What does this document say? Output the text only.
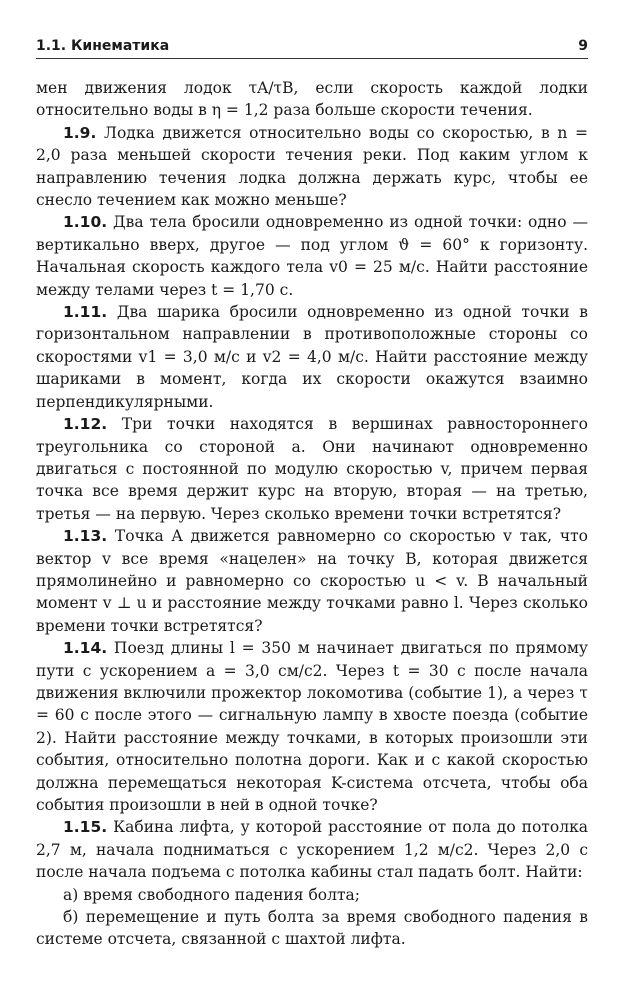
1.1. Кинематика	9

мен движения лодок τA/τB, если скорость каждой лодки относительно воды в η = 1,2 раза больше скорости течения.

1.9. Лодка движется относительно воды со скоростью, в n = 2,0 раза меньшей скорости течения реки. Под каким углом к направлению течения лодка должна держать курс, чтобы ее снесло течением как можно меньше?

1.10. Два тела бросили одновременно из одной точки: одно — вертикально вверх, другое — под углом ϑ = 60° к горизонту. Начальная скорость каждого тела v0 = 25 м/с. Найти расстояние между телами через t = 1,70 с.

1.11. Два шарика бросили одновременно из одной точки в горизонтальном направлении в противоположные стороны со скоростями v1 = 3,0 м/с и v2 = 4,0 м/с. Найти расстояние между шариками в момент, когда их скорости окажутся взаимно перпендикулярными.

1.12. Три точки находятся в вершинах равностороннего треугольника со стороной a. Они начинают одновременно двигаться с постоянной по модулю скоростью v, причем первая точка все время держит курс на вторую, вторая — на третью, третья — на первую. Через сколько времени точки встретятся?

1.13. Точка A движется равномерно со скоростью v так, что вектор v все время «нацелен» на точку B, которая движется прямолинейно и равномерно со скоростью u < v. В начальный момент v ⊥ u и расстояние между точками равно l. Через сколько времени точки встретятся?

1.14. Поезд длины l = 350 м начинает двигаться по прямому пути с ускорением a = 3,0 см/с2. Через t = 30 с после начала движения включили прожектор локомотива (событие 1), а через τ = 60 с после этого — сигнальную лампу в хвосте поезда (событие 2). Найти расстояние между точками, в которых произошли эти события, относительно полотна дороги. Как и с какой скоростью должна перемещаться некоторая K-система отсчета, чтобы оба события произошли в ней в одной точке?

1.15. Кабина лифта, у которой расстояние от пола до потолка 2,7 м, начала подниматься с ускорением 1,2 м/с2. Через 2,0 с после начала подъема с потолка кабины стал падать болт. Найти:

а) время свободного падения болта;

б) перемещение и путь болта за время свободного падения в системе отсчета, связанной с шахтой лифта.
